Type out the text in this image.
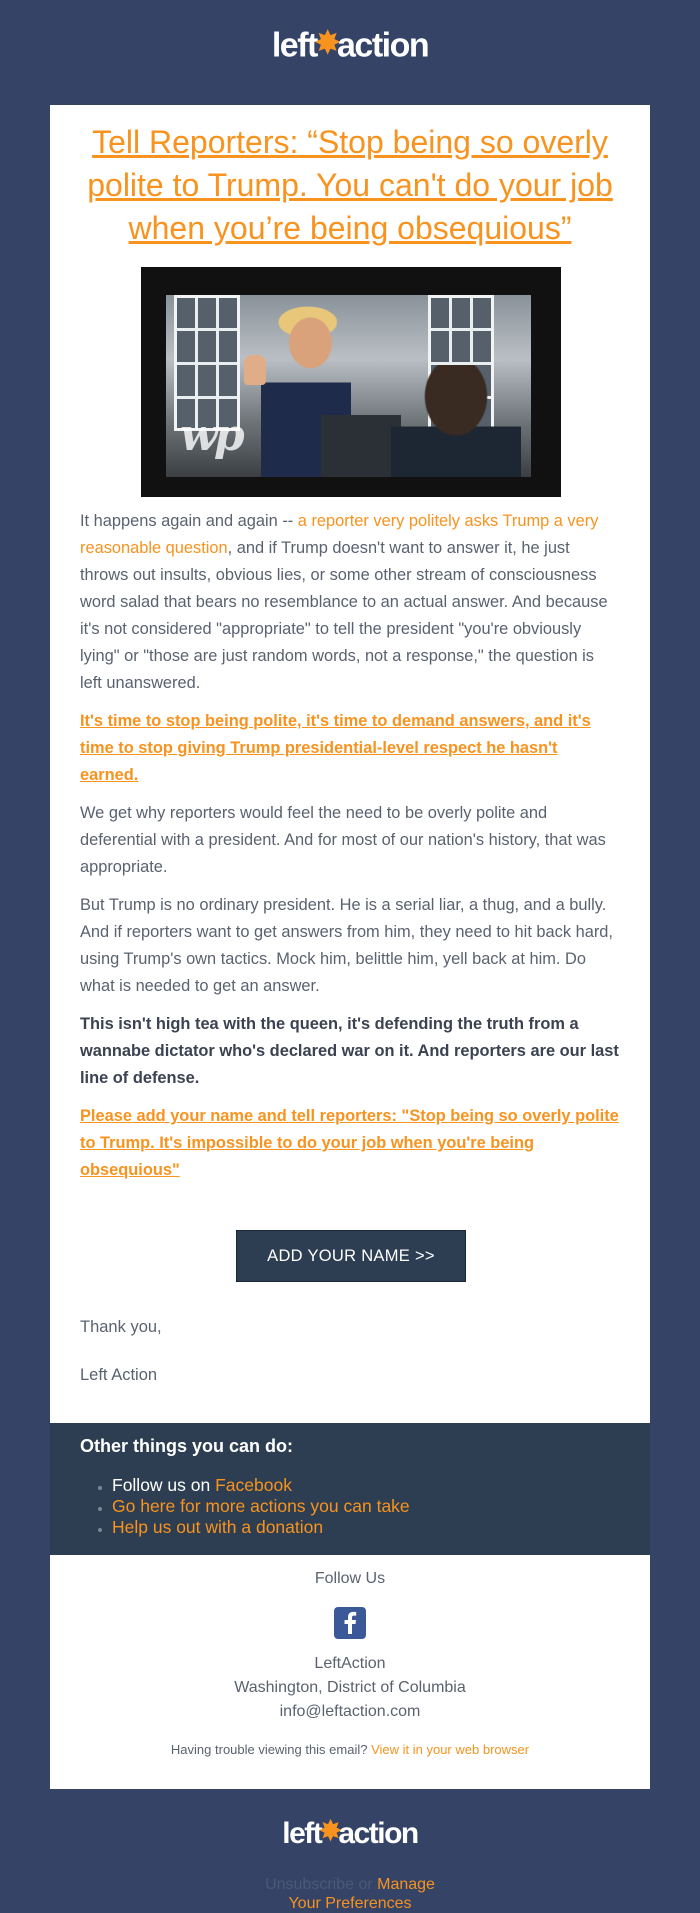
left✸action
Tell Reporters: “Stop being so overly polite to Trump. You can't do your job when you’re being obsequious”
wp

It happens again and again -- a reporter very politely asks Trump a very reasonable question, and if Trump doesn't want to answer it, he just throws out insults, obvious lies, or some other stream of consciousness word salad that bears no resemblance to an actual answer. And because it's not considered "appropriate" to tell the president "you're obviously lying" or "those are just random words, not a response," the question is left unanswered.

It's time to stop being polite, it's time to demand answers, and it's time to stop giving Trump presidential-level respect he hasn't earned.

We get why reporters would feel the need to be overly polite and deferential with a president. And for most of our nation's history, that was appropriate.

But Trump is no ordinary president. He is a serial liar, a thug, and a bully. And if reporters want to get answers from him, they need to hit back hard, using Trump's own tactics. Mock him, belittle him, yell back at him. Do what is needed to get an answer.

This isn't high tea with the queen, it's defending the truth from a wannabe dictator who's declared war on it. And reporters are our last line of defense.

Please add your name and tell reporters: "Stop being so overly polite to Trump. It's impossible to do your job when you're being obsequious"

ADD YOUR NAME >>
Thank you,
Left Action
Other things you can do:
• Follow us on Facebook
• Go here for more actions you can take
• Help us out with a donation
Follow Us
LeftAction
Washington, District of Columbia
info@leftaction.com
Having trouble viewing this email? View it in your web browser
left✸action
Unsubscribe or Manage
Your Preferences
